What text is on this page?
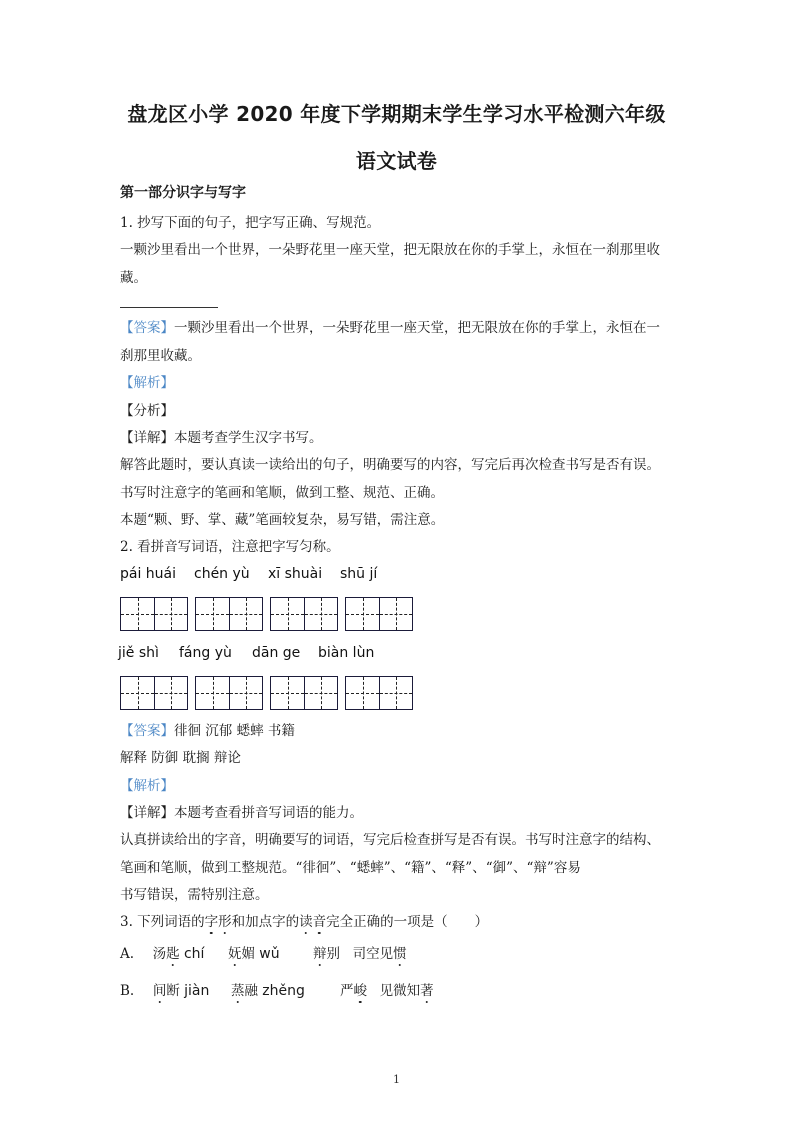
盘龙区小学 2020 年度下学期期末学生学习水平检测六年级
语文试卷
第一部分识字与写字
1. 抄写下面的句子，把字写正确、写规范。
一颗沙里看出一个世界，一朵野花里一座天堂，把无限放在你的手掌上，永恒在一刹那里收
藏。
【答案】一颗沙里看出一个世界，一朵野花里一座天堂，把无限放在你的手掌上，永恒在一
刹那里收藏。
【解析】
【分析】
【详解】本题考查学生汉字书写。
解答此题时，要认真读一读给出的句子，明确要写的内容，写完后再次检查书写是否有误。
书写时注意字的笔画和笔顺，做到工整、规范、正确。
本题“颗、野、掌、藏”笔画较复杂，易写错，需注意。
2. 看拼音写词语，注意把字写匀称。
pái huái chén yù xī shuài shū jí
jiě shì fáng yù dān ge biàn lùn
【答案】徘徊 沉郁 蟋蟀 书籍
解释 防御 耽搁 辩论
【解析】
【详解】本题考查看拼音写词语的能力。
认真拼读给出的字音，明确要写的词语，写完后检查拼写是否有误。书写时注意字的结构、
笔画和笔顺，做到工整规范。“徘徊”、“蟋蟀”、“籍”、“释”、“御”、“辩”容易
书写错误，需特别注意。
3. 下列词语的字形和加点字的读音完全正确的一项是（　　）
A. 汤匙 chí 妩媚 wǔ 辩别 司空见惯
B. 间断 jiàn 蒸融 zhěng	严峻 见微知著
1
